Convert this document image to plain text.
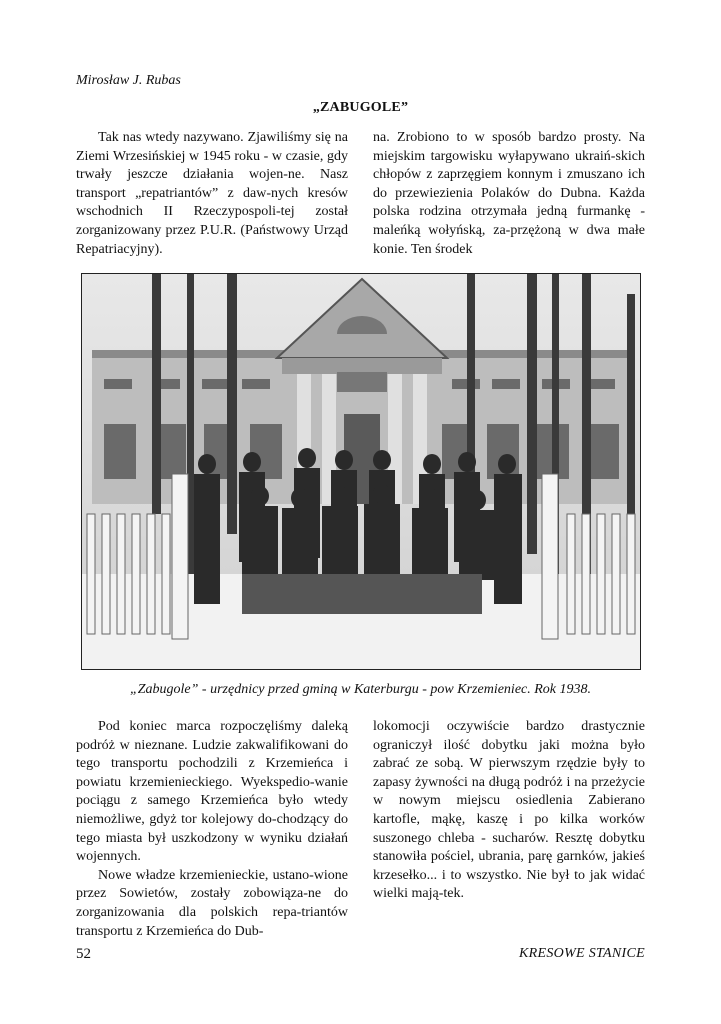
Mirosław J. Rubas
„ZABUGOLE”

Tak nas wtedy nazywano. Zjawiliśmy się na Ziemi Wrzesińskiej w 1945 roku - w czasie, gdy trwały jeszcze działania wojen-ne. Nasz transport „repatriantów” z daw-nych kresów wschodnich II Rzeczypospoli-tej został zorganizowany przez P.U.R. (Państwowy Urząd Repatriacyjny).

na. Zrobiono to w sposób bardzo prosty. Na miejskim targowisku wyłapywano ukraiń-skich chłopów z zaprzęgiem konnym i zmuszano ich do przewiezienia Polaków do Dubna. Każda polska rodzina otrzymała jedną furmankę - maleńką wołyńską, za-przężoną w dwa małe konie. Ten środek

„Zabugole” - urzędnicy przed gminą w Katerburgu - pow Krzemieniec. Rok 1938.

Pod koniec marca rozpoczęliśmy daleką podróż w nieznane. Ludzie zakwalifikowani do tego transportu pochodzili z Krzemieńca i powiatu krzemienieckiego. Wyekspedio-wanie pociągu z samego Krzemieńca było wtedy niemożliwe, gdyż tor kolejowy do-chodzący do tego miasta był uszkodzony w wyniku działań wojennych.

Nowe władze krzemienieckie, ustano-wione przez Sowietów, zostały zobowiąza-ne do zorganizowania dla polskich repa-triantów transportu z Krzemieńca do Dub-

lokomocji oczywiście bardzo drastycznie ograniczył ilość dobytku jaki można było zabrać ze sobą. W pierwszym rzędzie były to zapasy żywności na długą podróż i na przeżycie w nowym miejscu osiedlenia Zabierano kartofle, mąkę, kaszę i po kilka worków suszonego chleba - sucharów. Resztę dobytku stanowiła pościel, ubrania, parę garnków, jakieś krzesełko... i to wszystko. Nie był to jak widać wielki mają-tek.

52	KRESOWE STANICE
